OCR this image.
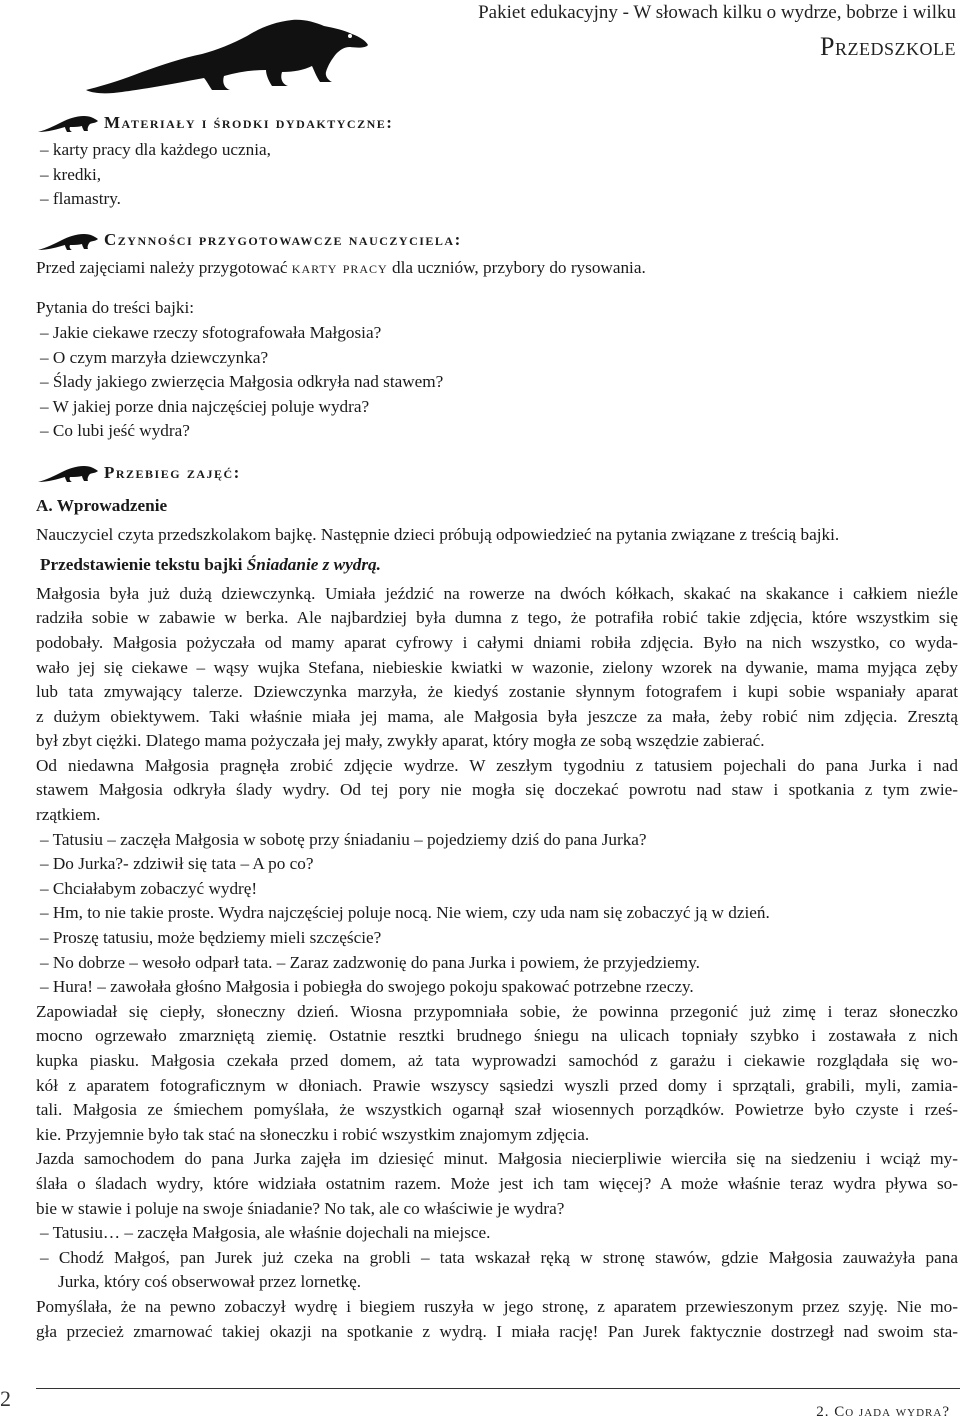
Pakiet edukacyjny - W słowach kilku o wydrze, bobrze i wilku
Przedszkole
Materiały i środki dydaktyczne:
– karty pracy dla każdego ucznia,
– kredki,
– flamastry.
Czynności przygotowawcze nauczyciela:
Przed zajęciami należy przygotować karty pracy dla uczniów, przybory do rysowania.
Pytania do treści bajki:
– Jakie ciekawe rzeczy sfotografowała Małgosia?
– O czym marzyła dziewczynka?
– Ślady jakiego zwierzęcia Małgosia odkryła nad stawem?
– W jakiej porze dnia najczęściej poluje wydra?
– Co lubi jeść wydra?
Przebieg zajęć:
A. Wprowadzenie
Nauczyciel czyta przedszkolakom bajkę. Następnie dzieci próbują odpowiedzieć na pytania związane z treścią bajki.
Przedstawienie tekstu bajki Śniadanie z wydrą.
Małgosia była już dużą dziewczynką. Umiała jeździć na rowerze na dwóch kółkach, skakać na skakance i całkiem nieźle
radziła sobie w zabawie w berka. Ale najbardziej była dumna z tego, że potrafiła robić takie zdjęcia, które wszystkim się
podobały. Małgosia pożyczała od mamy aparat cyfrowy i całymi dniami robiła zdjęcia. Było na nich wszystko, co wyda-
wało jej się ciekawe – wąsy wujka Stefana, niebieskie kwiatki w wazonie, zielony wzorek na dywanie, mama myjąca zęby
lub tata zmywający talerze. Dziewczynka marzyła, że kiedyś zostanie słynnym fotografem i kupi sobie wspaniały aparat
z dużym obiektywem. Taki właśnie miała jej mama, ale Małgosia była jeszcze za mała, żeby robić nim zdjęcia. Zresztą
był zbyt ciężki. Dlatego mama pożyczała jej mały, zwykły aparat, który mogła ze sobą wszędzie zabierać.
Od niedawna Małgosia pragnęła zrobić zdjęcie wydrze. W zeszłym tygodniu z tatusiem pojechali do pana Jurka i nad
stawem Małgosia odkryła ślady wydry. Od tej pory nie mogła się doczekać powrotu nad staw i spotkania z tym zwie-
rzątkiem.
– Tatusiu – zaczęła Małgosia w sobotę przy śniadaniu – pojedziemy dziś do pana Jurka?
– Do Jurka?- zdziwił się tata – A po co?
– Chciałabym zobaczyć wydrę!
– Hm, to nie takie proste. Wydra najczęściej poluje nocą. Nie wiem, czy uda nam się zobaczyć ją w dzień.
– Proszę tatusiu, może będziemy mieli szczęście?
– No dobrze – wesoło odparł tata. – Zaraz zadzwonię do pana Jurka i powiem, że przyjedziemy.
– Hura! – zawołała głośno Małgosia i pobiegła do swojego pokoju spakować potrzebne rzeczy.
Zapowiadał się ciepły, słoneczny dzień. Wiosna przypomniała sobie, że powinna przegonić już zimę i teraz słoneczko
mocno ogrzewało zmarzniętą ziemię. Ostatnie resztki brudnego śniegu na ulicach topniały szybko i zostawała z nich
kupka piasku. Małgosia czekała przed domem, aż tata wyprowadzi samochód z garażu i ciekawie rozglądała się wo-
kół z aparatem fotograficznym w dłoniach. Prawie wszyscy sąsiedzi wyszli przed domy i sprzątali, grabili, myli, zamia-
tali. Małgosia ze śmiechem pomyślała, że wszystkich ogarnął szał wiosennych porządków. Powietrze było czyste i rześ-
kie. Przyjemnie było tak stać na słoneczku i robić wszystkim znajomym zdjęcia.
Jazda samochodem do pana Jurka zajęła im dziesięć minut. Małgosia niecierpliwie wierciła się na siedzeniu i wciąż my-
ślała o śladach wydry, które widziała ostatnim razem. Może jest ich tam więcej? A może właśnie teraz wydra pływa so-
bie w stawie i poluje na swoje śniadanie? No tak, ale co właściwie je wydra?
– Tatusiu… – zaczęła Małgosia, ale właśnie dojechali na miejsce.
– Chodź Małgoś, pan Jurek już czeka na grobli – tata wskazał ręką w stronę stawów, gdzie Małgosia zauważyła pana
Jurka, który coś obserwował przez lornetkę.
Pomyślała, że na pewno zobaczył wydrę i biegiem ruszyła w jego stronę, z aparatem przewieszonym przez szyję. Nie mo-
gła przecież zmarnować takiej okazji na spotkanie z wydrą. I miała rację! Pan Jurek faktycznie dostrzegł nad swoim sta-
2
2. Co jada wydra?
